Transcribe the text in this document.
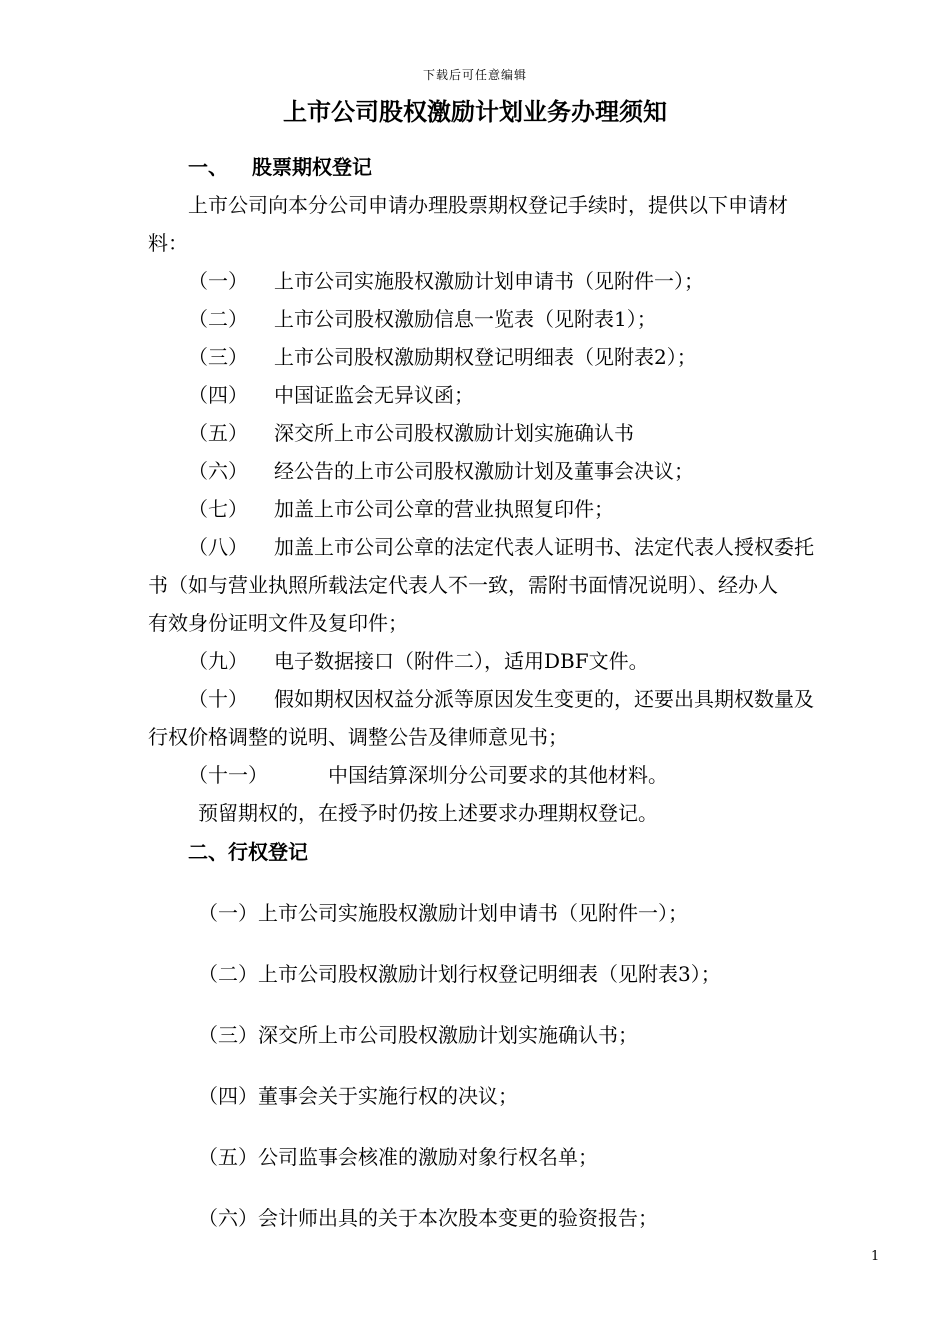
下载后可任意编辑
上市公司股权激励计划业务办理须知
一、 股票期权登记
上市公司向本分公司申请办理股票期权登记手续时，提供以下申请材
料：
（一） 上市公司实施股权激励计划申请书（见附件一）；
（二） 上市公司股权激励信息一览表（见附表1）；
（三） 上市公司股权激励期权登记明细表（见附表2）；
（四） 中国证监会无异议函；
（五） 深交所上市公司股权激励计划实施确认书
（六） 经公告的上市公司股权激励计划及董事会决议；
（七） 加盖上市公司公章的营业执照复印件；
（八） 加盖上市公司公章的法定代表人证明书、法定代表人授权委托
书（如与营业执照所载法定代表人不一致，需附书面情况说明）、经办人
有效身份证明文件及复印件；
（九） 电子数据接口（附件二），适用DBF文件。
（十） 假如期权因权益分派等原因发生变更的，还要出具期权数量及
行权价格调整的说明、调整公告及律师意见书；
（十一）	中国结算深圳分公司要求的其他材料。
预留期权的，在授予时仍按上述要求办理期权登记。
二、行权登记
（一）上市公司实施股权激励计划申请书（见附件一）；
（二）上市公司股权激励计划行权登记明细表（见附表3）；
（三）深交所上市公司股权激励计划实施确认书；
（四）董事会关于实施行权的决议；
（五）公司监事会核准的激励对象行权名单；
（六）会计师出具的关于本次股本变更的验资报告；
1
